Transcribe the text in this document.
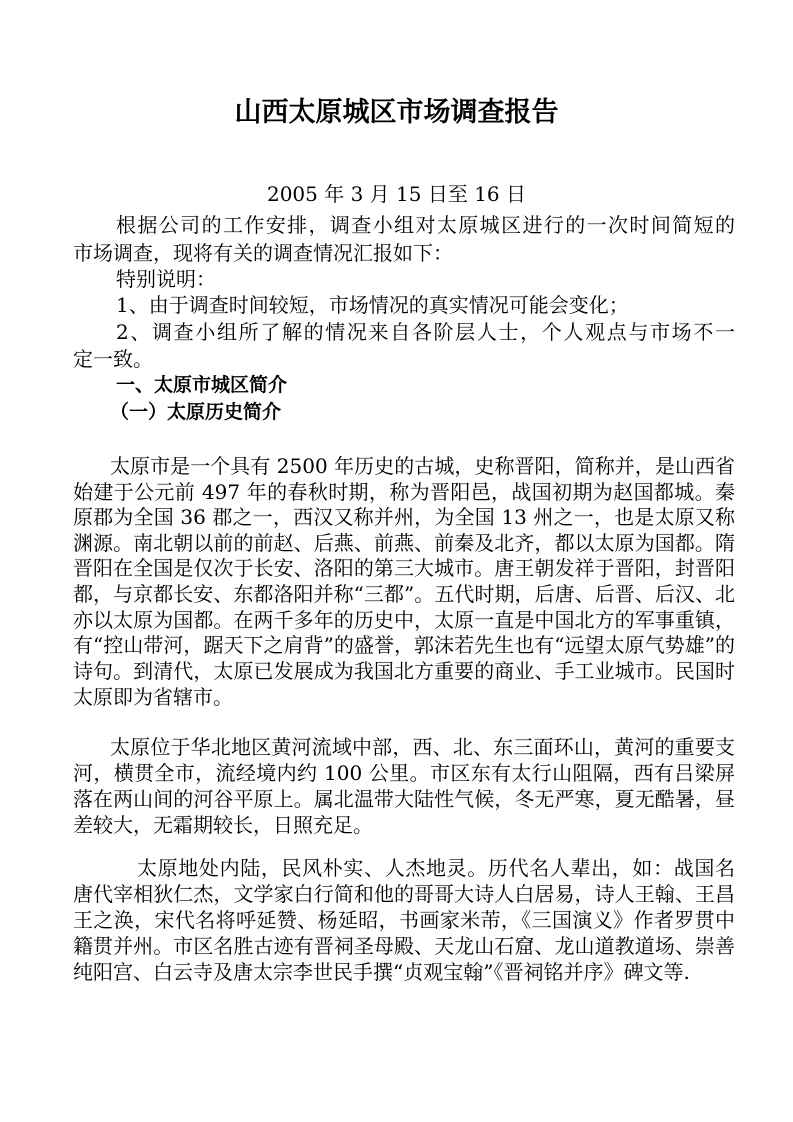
山西太原城区市场调查报告
2005 年 3 月 15 日至 16 日
根据公司的工作安排，调查小组对太原城区进行的一次时间简短的
市场调查，现将有关的调查情况汇报如下：
特别说明：
1、由于调查时间较短，市场情况的真实情况可能会变化；
2、调查小组所了解的情况来自各阶层人士，个人观点与市场不一
定一致。
太原市是一个具有 2500 年历史的古城，史称晋阳，简称并，是山西省
始建于公元前 497 年的春秋时期，称为晋阳邑，战国初期为赵国都城。秦
原郡为全国 36 郡之一，西汉又称并州，为全国 13 州之一，也是太原又称
渊源。南北朝以前的前赵、后燕、前燕、前秦及北齐，都以太原为国都。隋
晋阳在全国是仅次于长安、洛阳的第三大城市。唐王朝发祥于晋阳，封晋阳
都，与京都长安、东都洛阳并称“三都”。五代时期，后唐、后晋、后汉、北
亦以太原为国都。在两千多年的历史中，太原一直是中国北方的军事重镇，
有“控山带河，踞天下之肩背”的盛誉，郭沫若先生也有“远望太原气势雄”的
诗句。到清代，太原已发展成为我国北方重要的商业、手工业城市。民国时
太原即为省辖市。
太原位于华北地区黄河流域中部，西、北、东三面环山，黄河的重要支
河，横贯全市，流经境内约 100 公里。市区东有太行山阻隔，西有吕梁屏
落在两山间的河谷平原上。属北温带大陆性气候，冬无严寒，夏无酷暑，昼
差较大，无霜期较长，日照充足。
太原地处内陆，民风朴实、人杰地灵。历代名人辈出，如：战国名
唐代宰相狄仁杰，文学家白行简和他的哥哥大诗人白居易，诗人王翰、王昌
王之涣，宋代名将呼延赞、杨延昭，书画家米芾，《三国演义》作者罗贯中
籍贯并州。市区名胜古迹有晋祠圣母殿、天龙山石窟、龙山道教道场、崇善
纯阳宫、白云寺及唐太宗李世民手撰“贞观宝翰”《晋祠铭并序》碑文等.
一、太原市城区简介
（一）太原历史简介
